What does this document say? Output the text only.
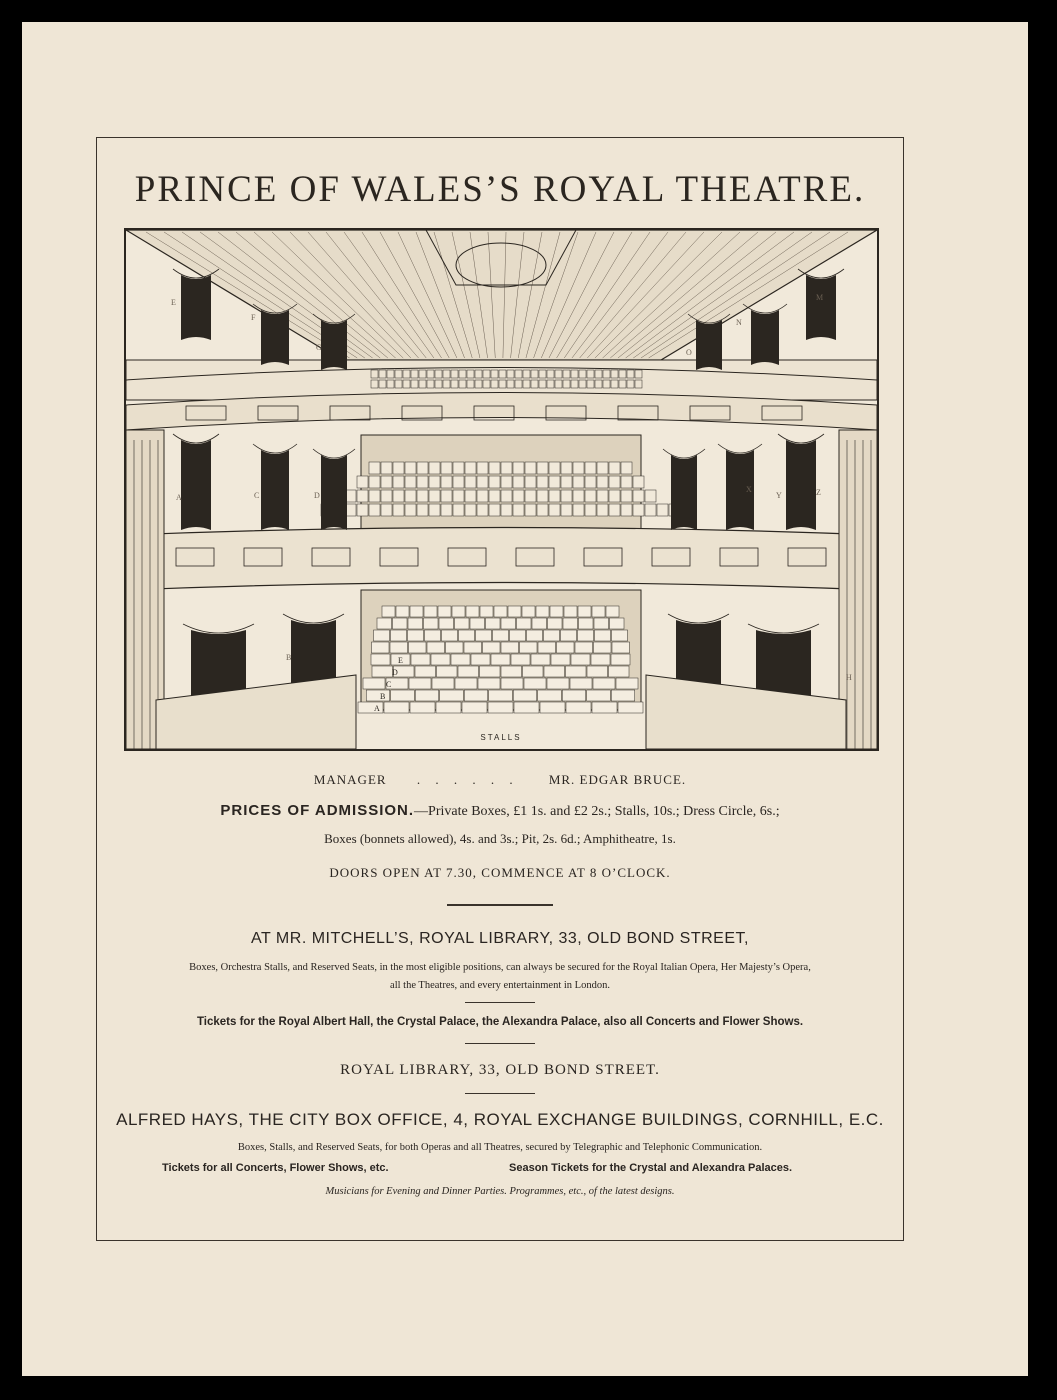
PRINCE OF WALES’S ROYAL THEATRE.
A
B
C
D
E
E
F
G
A	C	D
B
M
N
O
X
Y	Z
H
STALLS
MANAGER . . . . . . MR. EDGAR BRUCE.
PRICES OF ADMISSION.—Private Boxes, £1 1s. and £2 2s.; Stalls, 10s.; Dress Circle, 6s.;
Boxes (bonnets allowed), 4s. and 3s.; Pit, 2s. 6d.; Amphitheatre, 1s.
DOORS OPEN AT 7.30, COMMENCE AT 8 O’CLOCK.
AT MR. MITCHELL’S, ROYAL LIBRARY, 33, OLD BOND STREET,
Boxes, Orchestra Stalls, and Reserved Seats, in the most eligible positions, can always be secured for the Royal Italian Opera, Her Majesty’s Opera,
all the Theatres, and every entertainment in London.
Tickets for the Royal Albert Hall, the Crystal Palace, the Alexandra Palace, also all Concerts and Flower Shows.
ROYAL LIBRARY, 33, OLD BOND STREET.
ALFRED HAYS, THE CITY BOX OFFICE, 4, ROYAL EXCHANGE BUILDINGS, CORNHILL, E.C.
Boxes, Stalls, and Reserved Seats, for both Operas and all Theatres, secured by Telegraphic and Telephonic Communication.
Tickets for all Concerts, Flower Shows, etc.	Season Tickets for the Crystal and Alexandra Palaces.
Musicians for Evening and Dinner Parties. Programmes, etc., of the latest designs.
